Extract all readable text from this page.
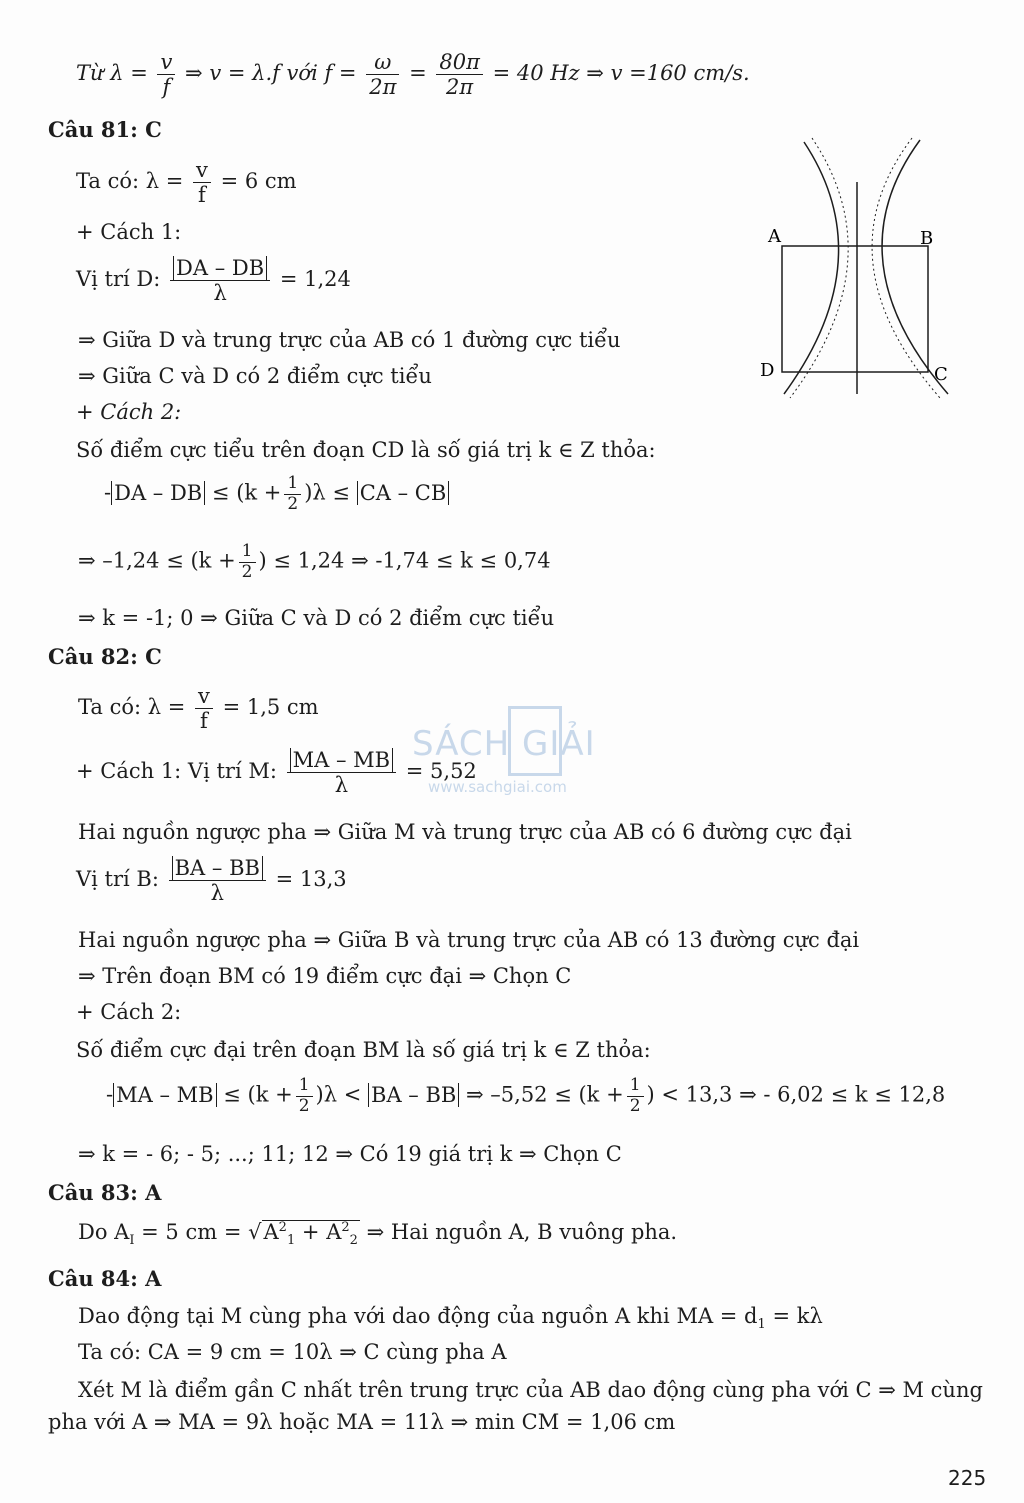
Từ $\lambda = \frac{v}{f}$ ⇒ v = λ.f với $f = \frac{\omega}{2\pi} = \frac{80\pi}{2\pi} = 40$ Hz ⇒ v =160 cm/s.
Câu 81: C
Ta có: $\lambda = \frac{v}{f} = 6$ cm
+ Cách 1:
Vị trí D: $\frac{DA - DB}{\lambda} = 1,24$
⇒ Giữa D và trung trực của AB có 1 đường cực tiểu
⇒ Giữa C và D có 2 điểm cực tiểu
+ Cách 2:
Số điểm cực tiểu trên đoạn CD là số giá trị k ∈ Z thỏa:
- DA – DB ≤ $(k + \frac{1}{2} )\lambda$ ≤ CA – CB
⇒ $-1,24 \le (k + \frac{1}{2}$ ) ≤ 1,24 ⇒ -1,74 ≤ k ≤ 0,74
⇒ k = -1; 0 ⇒ Giữa C và D có 2 điểm cực tiểu
A	B
D	C
SÁCH GIẢI
www.sachgiai.com
Câu 82: C
Ta có: $\lambda = \frac{v}{f} = 1,5$ cm
+ Cách 1: Vị trí M: $\frac{MA - MB}{\lambda} = 5,52$
Hai nguồn ngược pha ⇒ Giữa M và trung trực của AB có 6 đường cực đại
Vị trí B: $\frac{BA - BB}{\lambda} = 13,3$
Hai nguồn ngược pha ⇒ Giữa B và trung trực của AB có 13 đường cực đại
⇒ Trên đoạn BM có 19 điểm cực đại ⇒ Chọn C
+ Cách 2:
Số điểm cực đại trên đoạn BM là số giá trị k ∈ Z thỏa:
- MA – MB ≤ $(k + \frac{1}{2} )\lambda$ < BA – BB ⇒ $-5,52 \le (k + \frac{1}{2}$ ) < 13,3 ⇒ - 6,02 ≤ k ≤ 12,8
⇒ k = - 6; - 5; ...; 11; 12 ⇒ Có 19 giá trị k ⇒ Chọn C
Câu 83: A
Do $A_I = 5$ cm = $√A^2_1 + A^2_2$ ⇒ Hai nguồn A, B vuông pha.
Câu 84: A
Dao động tại M cùng pha với dao động của nguồn A khi MA = $d_1 = k\lambda$
Ta có: CA = 9 cm = 10λ ⇒ C cùng pha A
Xét M là điểm gần C nhất trên trung trực của AB dao động cùng pha với C ⇒ M cùng
pha với A ⇒ MA = 9λ hoặc MA = 11λ ⇒ min CM = 1,06 cm
225
